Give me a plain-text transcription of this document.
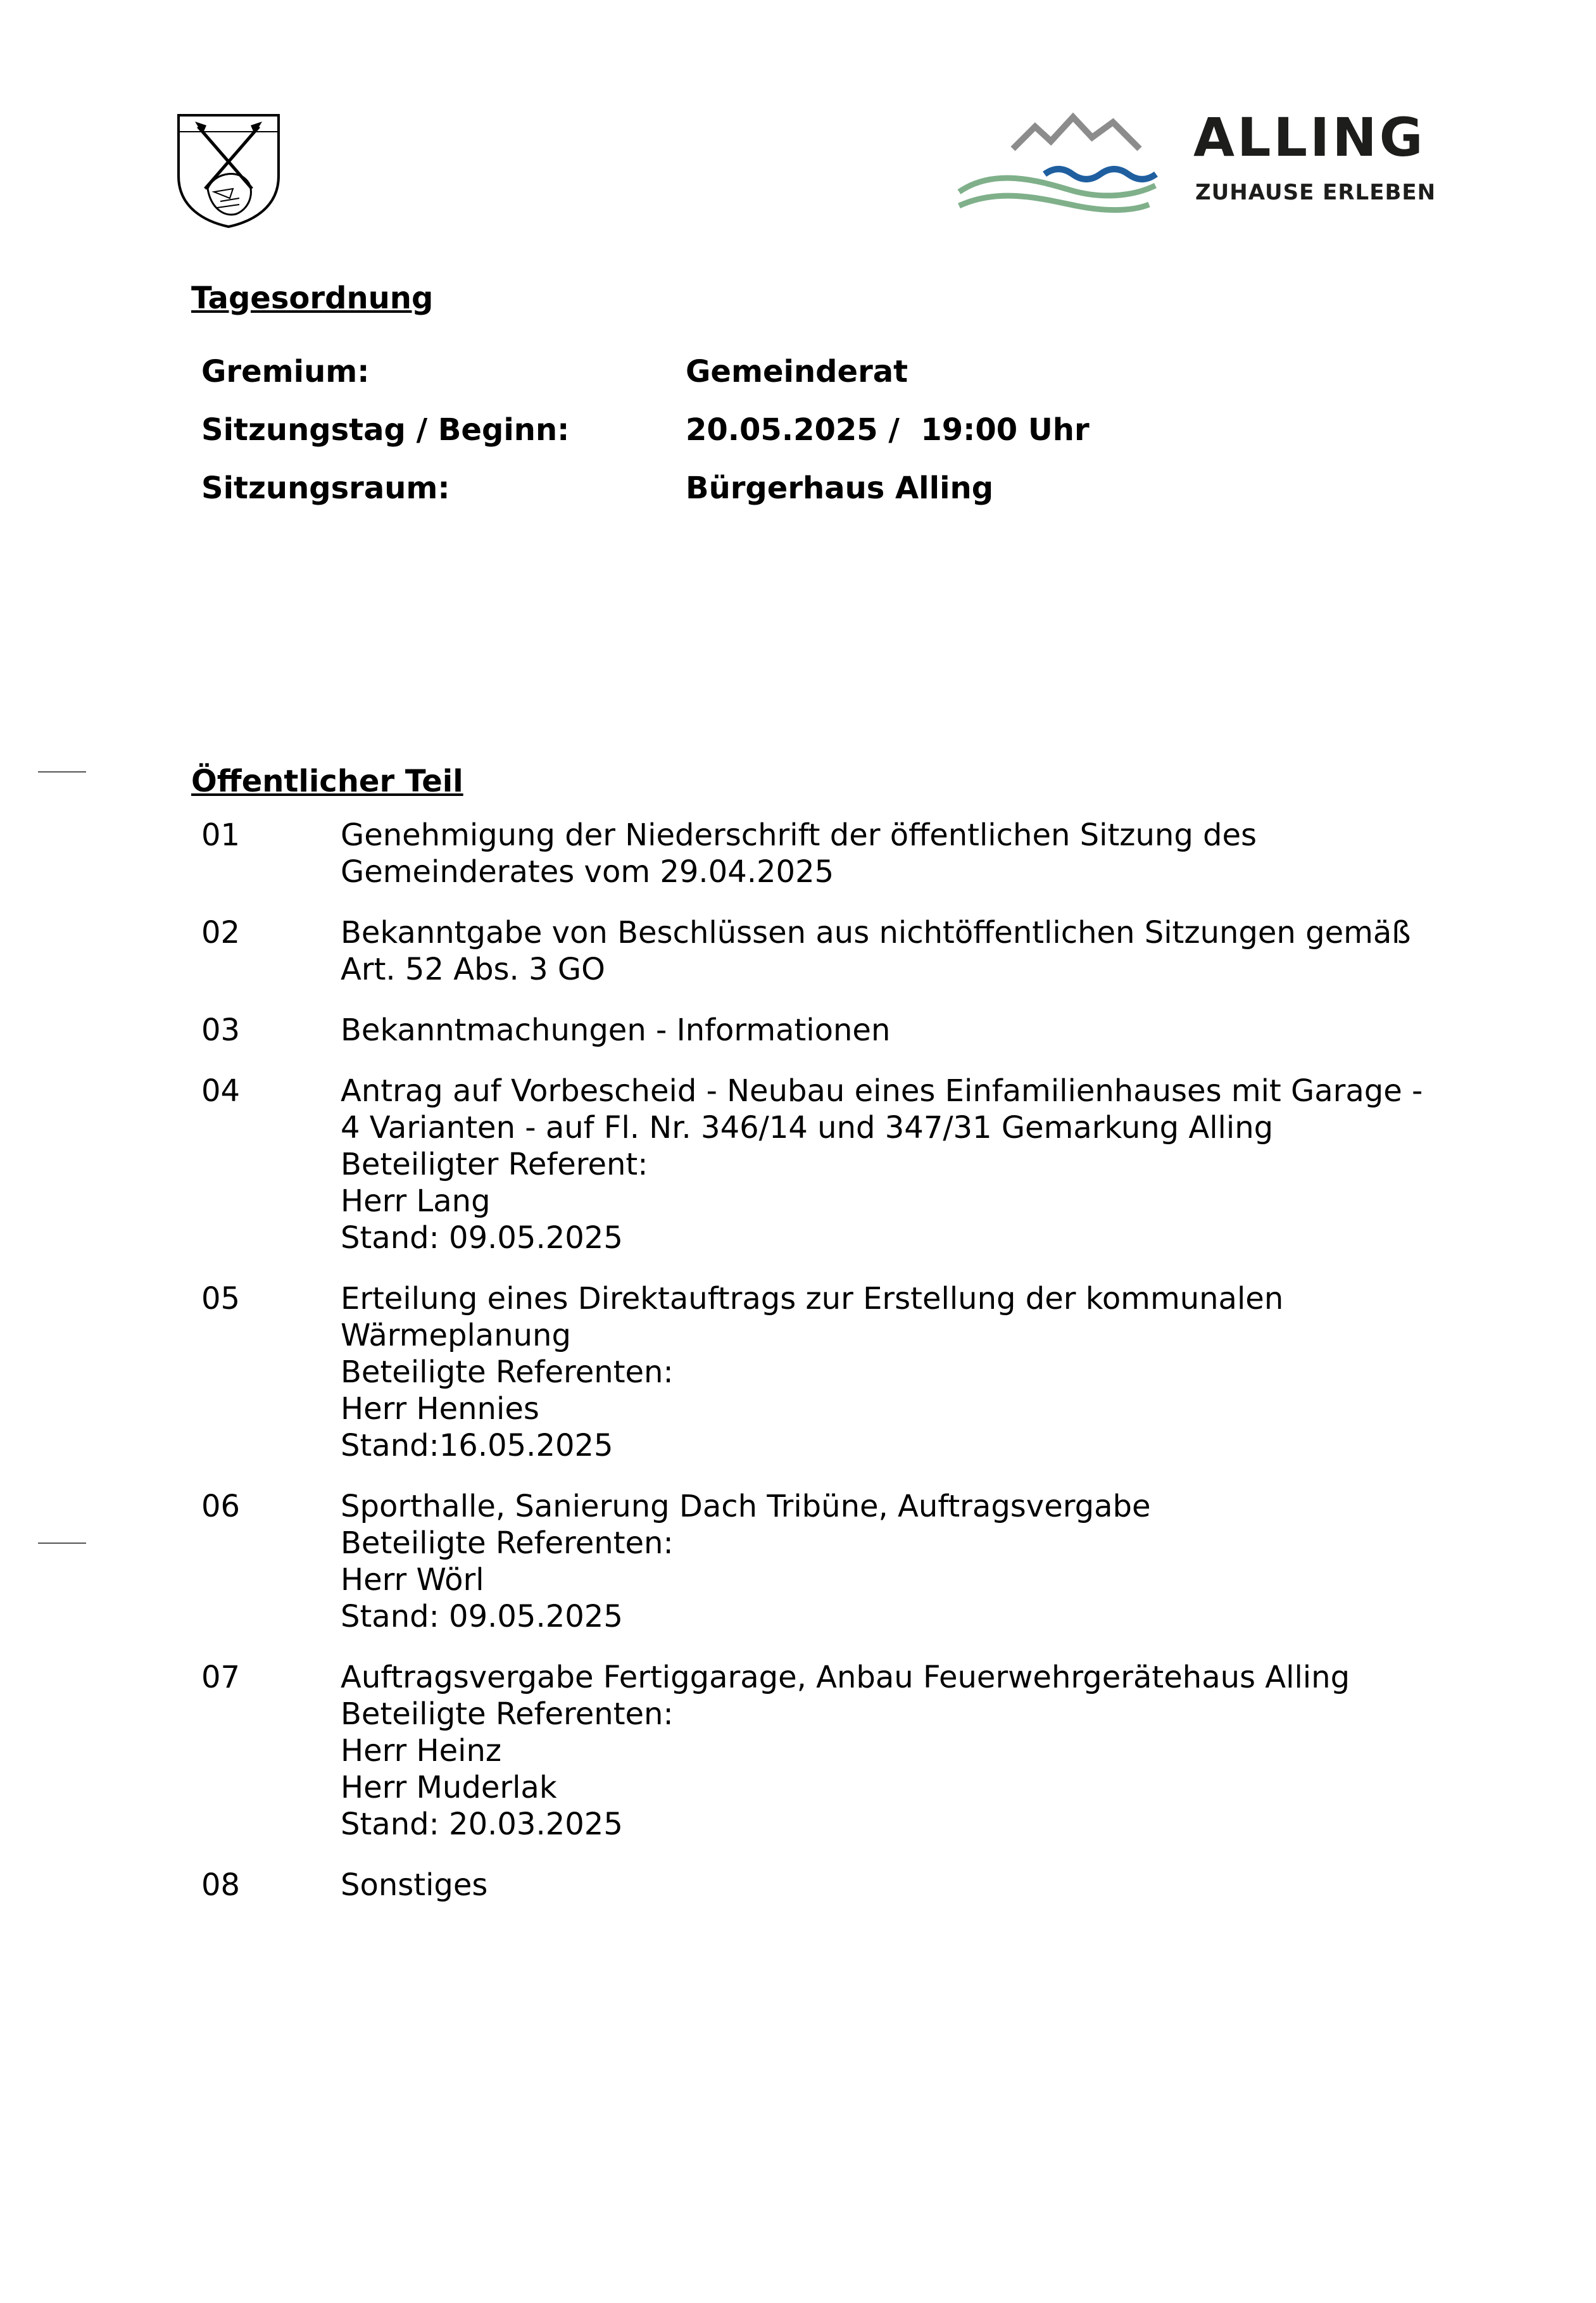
ALLING
ZUHAUSE ERLEBEN
Tagesordnung
Gremium:	Gemeinderat
Sitzungstag / Beginn:	20.05.2025 /  19:00 Uhr
Sitzungsraum:	Bürgerhaus Alling
Öffentlicher Teil
01	Genehmigung der Niederschrift der öffentlichen Sitzung des
Gemeinderates vom 29.04.2025
02	Bekanntgabe von Beschlüssen aus nichtöffentlichen Sitzungen gemäß
Art. 52 Abs. 3 GO
03	Bekanntmachungen - Informationen
04	Antrag auf Vorbescheid - Neubau eines Einfamilienhauses mit Garage -
4 Varianten - auf Fl. Nr. 346/14 und 347/31 Gemarkung Alling
Beteiligter Referent:
Herr Lang
Stand: 09.05.2025
05	Erteilung eines Direktauftrags zur Erstellung der kommunalen
Wärmeplanung
Beteiligte Referenten:
Herr Hennies
Stand:16.05.2025
06	Sporthalle, Sanierung Dach Tribüne, Auftragsvergabe
Beteiligte Referenten:
Herr Wörl
Stand: 09.05.2025
07	Auftragsvergabe Fertiggarage, Anbau Feuerwehrgerätehaus Alling
Beteiligte Referenten:
Herr Heinz
Herr Muderlak
Stand: 20.03.2025
08	Sonstiges
